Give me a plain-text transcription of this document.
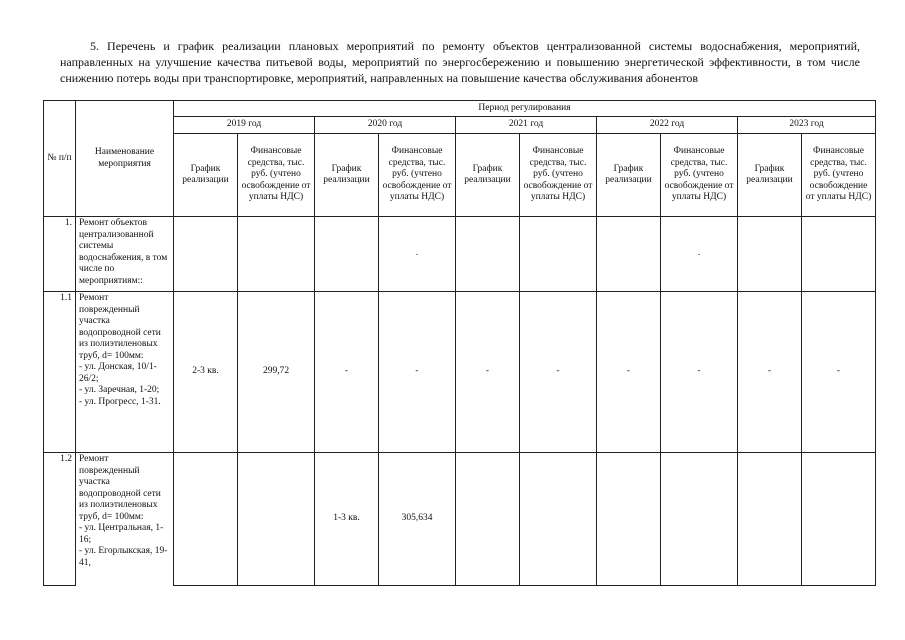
5. Перечень и график реализации плановых мероприятий по ремонту объектов централизованной системы водоснабжения, мероприятий, направленных на улучшение качества питьевой воды, мероприятий по энергосбережению и повышению энергетической эффективности, в том числе снижению потерь воды при транспортировке, мероприятий, направленных на повышение качества обслуживания абонентов
№ п/п	Наименование мероприятия	Период регулирования									
		2019 год		2020 год		2021 год		2022 год		2023 год	
		График реализации	Финансовые средства, тыс. руб. (учтено освобождение от уплаты НДС)	График реализации	Финансовые средства, тыс. руб. (учтено освобождение от уплаты НДС)	График реализации	Финансовые средства, тыс. руб. (учтено освобождение от уплаты НДС)	График реализации	Финансовые средства, тыс. руб. (учтено освобождение от уплаты НДС)	График реализации	Финансовые средства, тыс. руб. (учтено освобождение от уплаты НДС)
1.	Ремонт объектов централизованной системы водоснабжения, в том числе по мероприятиям::				.				.		
1.1	Ремонт поврежденный участка водопроводной сети из полиэтиленовых труб, d= 100мм:
- ул. Донская, 10/1-26/2;
- ул. Заречная, 1-20;
- ул. Прогресс, 1-31.	2-3 кв.	299,72	-	-	-	-	-	-	-	-
1.2	Ремонт поврежденный участка водопроводной сети из полиэтиленовых труб, d= 100мм:
- ул. Центральная, 1-16;
- ул. Егорлыкская, 19-41,			1-3 кв.	305,634						
